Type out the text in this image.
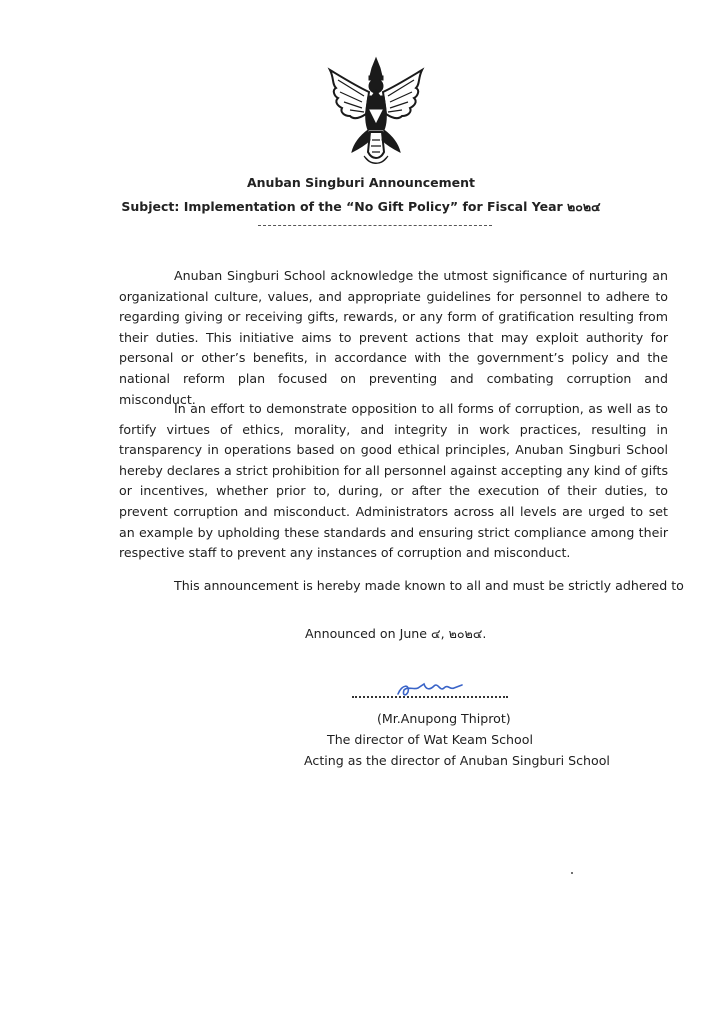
Anuban Singburi Announcement
Subject: Implementation of the “No Gift Policy” for Fiscal Year ๒๐๒๔

Anuban Singburi School acknowledge the utmost significance of nurturing an organizational culture, values, and appropriate guidelines for personnel to adhere to regarding giving or receiving gifts, rewards, or any form of gratification resulting from their duties. This initiative aims to prevent actions that may exploit authority for personal or other’s benefits, in accordance with the government’s policy and the national reform plan focused on preventing and combating corruption and misconduct.

In an effort to demonstrate opposition to all forms of corruption, as well as to fortify virtues of ethics, morality, and integrity in work practices, resulting in transparency in operations based on good ethical principles, Anuban Singburi School hereby declares a strict prohibition for all personnel against accepting any kind of gifts or incentives, whether prior to, during, or after the execution of their duties, to prevent corruption and misconduct. Administrators across all levels are urged to set an example by upholding these standards and ensuring strict compliance among their respective staff to prevent any instances of corruption and misconduct.

This announcement is hereby made known to all and must be strictly adhered to
Announced on June ๔, ๒๐๒๔.
(Mr.Anupong Thiprot)
The director of Wat Keam School
Acting as the director of Anuban Singburi School
